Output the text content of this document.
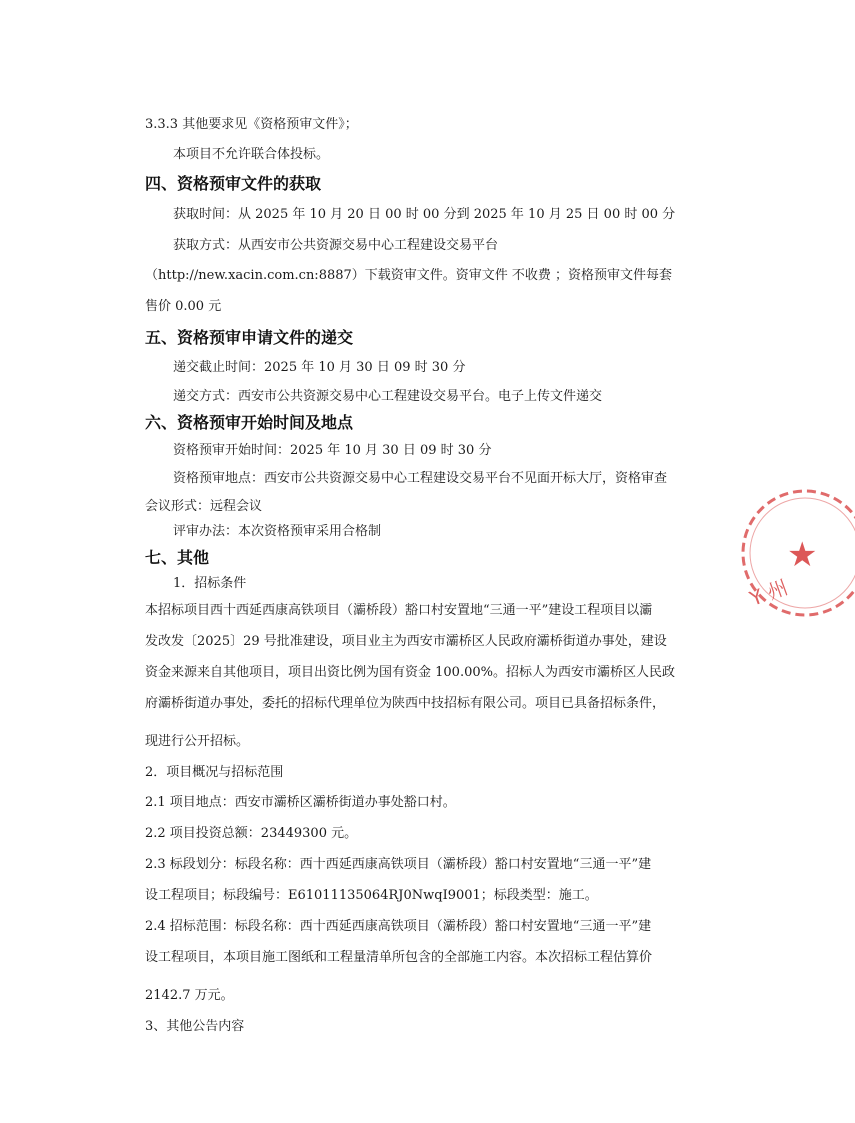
3.3.3 其他要求见《资格预审文件》；
本项目不允许联合体投标。
四、资格预审文件的获取
获取时间：从 2025 年 10 月 20 日 00 时 00 分到 2025 年 10 月 25 日 00 时 00 分
获取方式：从西安市公共资源交易中心工程建设交易平台
（http://new.xacin.com.cn:8887）下载资审文件。资审文件 不收费 ；资格预审文件每套
售价 0.00 元
五、资格预审申请文件的递交
递交截止时间：2025 年 10 月 30 日 09 时 30 分
递交方式：西安市公共资源交易中心工程建设交易平台。电子上传文件递交
六、资格预审开始时间及地点
资格预审开始时间：2025 年 10 月 30 日 09 时 30 分
资格预审地点：西安市公共资源交易中心工程建设交易平台不见面开标大厅，资格审查
会议形式：远程会议
评审办法：本次资格预审采用合格制
七、其他
1．招标条件
本招标项目西十西延西康高铁项目（灞桥段）豁口村安置地“三通一平”建设工程项目以灞
发改发〔2025〕29 号批准建设，项目业主为西安市灞桥区人民政府灞桥街道办事处，建设
资金来源来自其他项目，项目出资比例为国有资金 100.00%。招标人为西安市灞桥区人民政
府灞桥街道办事处，委托的招标代理单位为陕西中技招标有限公司。项目已具备招标条件，
现进行公开招标。
2．项目概况与招标范围
2.1 项目地点：西安市灞桥区灞桥街道办事处豁口村。
2.2 项目投资总额：23449300 元。
2.3 标段划分：标段名称：西十西延西康高铁项目（灞桥段）豁口村安置地“三通一平”建
设工程项目；标段编号：E61011135064RJ0NwqI9001；标段类型：施工。
2.4 招标范围：标段名称：西十西延西康高铁项目（灞桥段）豁口村安置地“三通一平”建
设工程项目，本项目施工图纸和工程量清单所包含的全部施工内容。本次招标工程估算价
2142.7 万元。
3、其他公告内容
★
Y 州
